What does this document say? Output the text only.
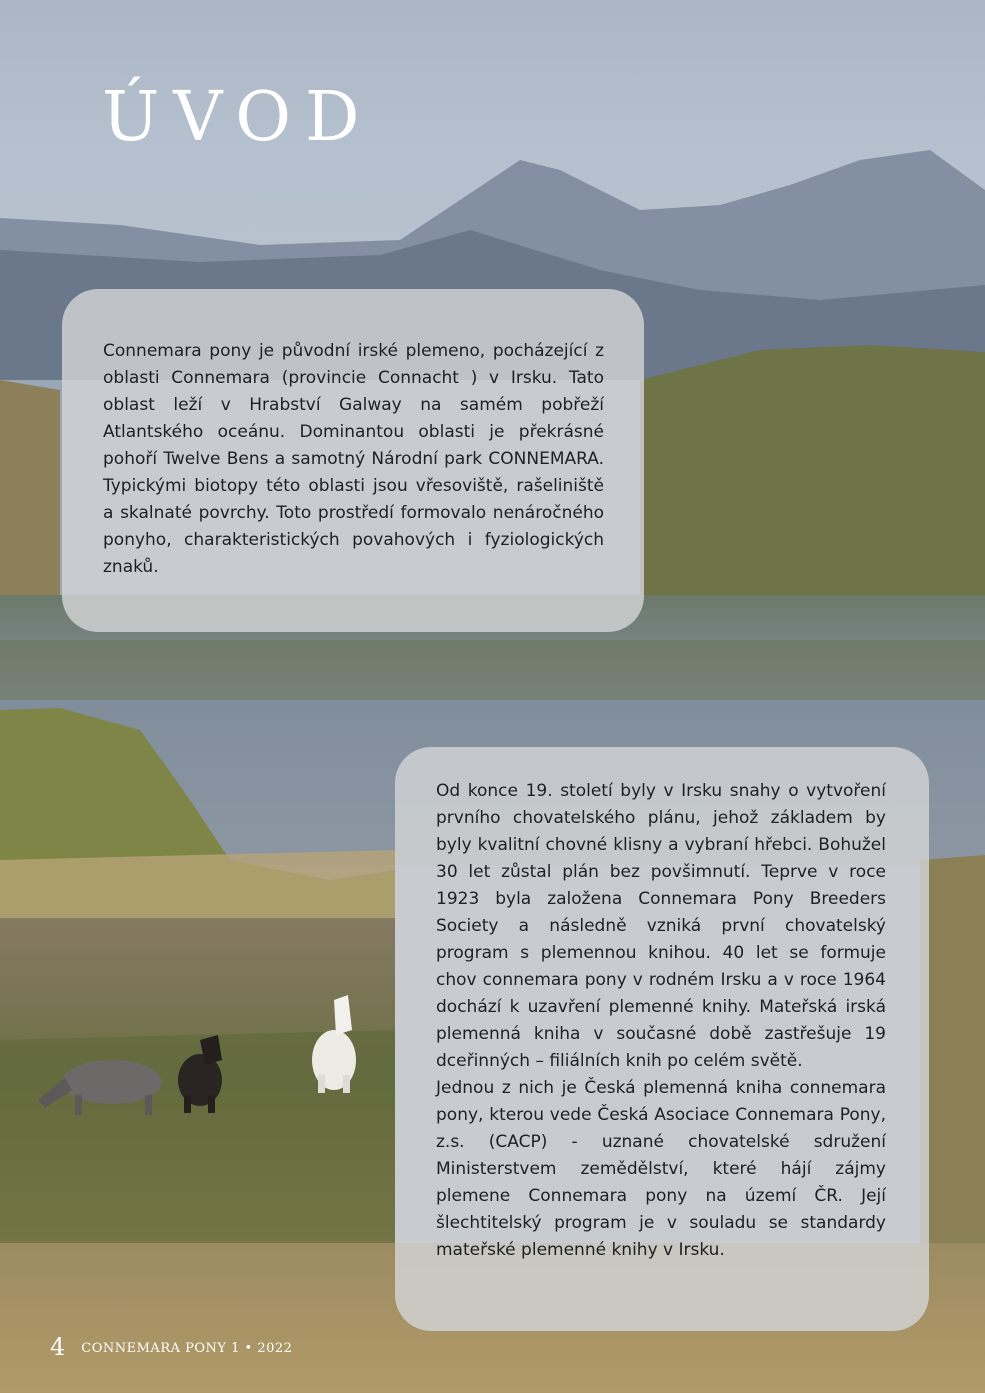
ÚVOD

Connemara pony je původní irské plemeno, pocházející z oblasti Connemara (provincie Connacht ) v Irsku. Tato oblast leží v Hrabství Galway na samém pobřeží Atlantského oceánu. Dominantou oblasti je překrásné pohoří Twelve Bens a samotný Národní park CONNEMARA. Typickými biotopy této oblasti jsou vřesoviště, rašeliniště a skalnaté povrchy. Toto prostředí formovalo nenáročného ponyho, charakteristických povahových i fyziologických znaků.

Od konce 19. století byly v Irsku snahy o vytvoření prvního chovatelského plánu, jehož základem by byly kvalitní chovné klisny a vybraní hřebci. Bohužel 30 let zůstal plán bez povšimnutí. Teprve v roce 1923 byla založena Connemara Pony Breeders Society a následně vzniká první chovatelský program s plemennou knihou. 40 let se formuje chov connemara pony v rodném Irsku a v roce 1964 dochází k uzavření plemenné knihy. Mateřská irská plemenná kniha v současné době zastřešuje 19 dceřinných – filiálních knih po celém světě.

Jednou z nich je Česká plemenná kniha connemara pony, kterou vede Česká Asociace Connemara Pony, z.s. (CACP) - uznané chovatelské sdružení Ministerstvem zemědělství, které hájí zájmy plemene Connemara pony na území ČR. Její šlechtitelský program je v souladu se standardy mateřské plemenné knihy v Irsku.

4 CONNEMARA PONY 1 • 2022
